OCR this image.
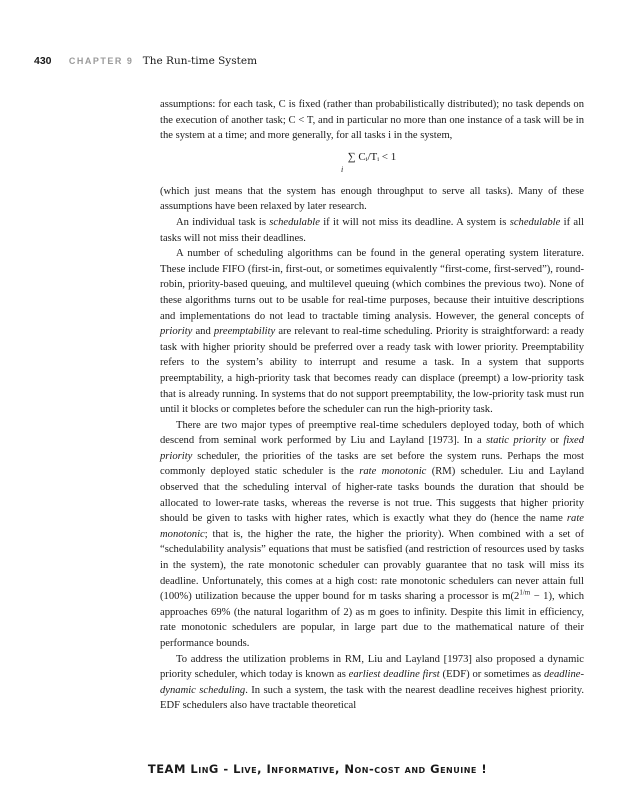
430 CHAPTER 9 The Run-time System

assumptions: for each task, C is fixed (rather than probabilistically distributed); no task depends on the execution of another task; C < T, and in particular no more than one instance of a task will be in the system at a time; and more generally, for all tasks i in the system,

∑ Cᵢ/Tᵢ < 1
i

(which just means that the system has enough throughput to serve all tasks). Many of these assumptions have been relaxed by later research.

An individual task is schedulable if it will not miss its deadline. A system is schedulable if all tasks will not miss their deadlines.

A number of scheduling algorithms can be found in the general operating system literature. These include FIFO (first-in, first-out, or sometimes equivalently “first-come, first-served”), round-robin, priority-based queuing, and multilevel queuing (which combines the previous two). None of these algorithms turns out to be usable for real-time purposes, because their intuitive descriptions and implementations do not lead to tractable timing analysis. However, the general concepts of priority and preemptability are relevant to real-time scheduling. Priority is straightforward: a ready task with higher priority should be preferred over a ready task with lower priority. Preemptability refers to the system’s ability to interrupt and resume a task. In a system that supports preemptability, a high-priority task that becomes ready can displace (preempt) a low-priority task that is already running. In systems that do not support preemptability, the low-priority task must run until it blocks or completes before the scheduler can run the high-priority task.

There are two major types of preemptive real-time schedulers deployed today, both of which descend from seminal work performed by Liu and Layland [1973]. In a static priority or fixed priority scheduler, the priorities of the tasks are set before the system runs. Perhaps the most commonly deployed static scheduler is the rate monotonic (RM) scheduler. Liu and Layland observed that the scheduling interval of higher-rate tasks bounds the duration that should be allocated to lower-rate tasks, whereas the reverse is not true. This suggests that higher priority should be given to tasks with higher rates, which is exactly what they do (hence the name rate monotonic; that is, the higher the rate, the higher the priority). When combined with a set of “schedulability analysis” equations that must be satisfied (and restriction of resources used by tasks in the system), the rate monotonic scheduler can provably guarantee that no task will miss its deadline. Unfortunately, this comes at a high cost: rate monotonic schedulers can never attain full (100%) utilization because the upper bound for m tasks sharing a processor is $m(2^{1/m} - 1)$, which approaches 69% (the natural logarithm of 2) as m goes to infinity. Despite this limit in efficiency, rate monotonic schedulers are popular, in large part due to the mathematical nature of their performance bounds.

To address the utilization problems in RM, Liu and Layland [1973] also proposed a dynamic priority scheduler, which today is known as earliest deadline first (EDF) or sometimes as deadline-dynamic scheduling. In such a system, the task with the nearest deadline receives highest priority. EDF schedulers also have tractable theoretical

TEAM LinG - Live, Informative, Non-cost and Genuine !
